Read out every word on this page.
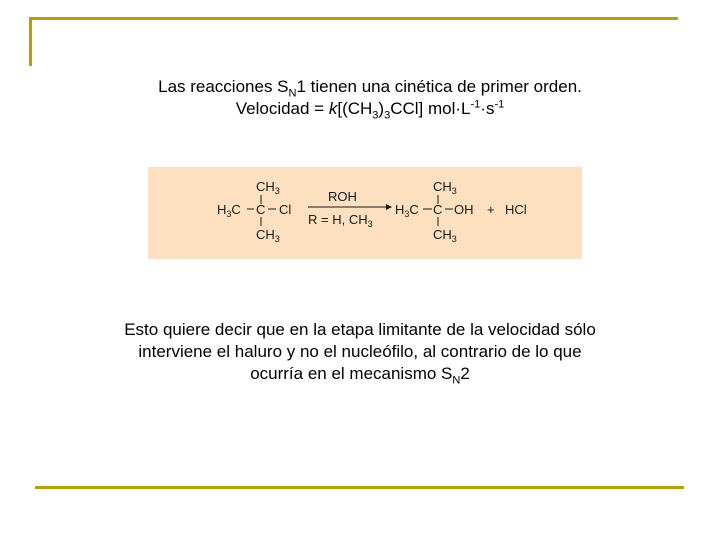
Las reacciones $S_N1$ tienen una cinética de primer orden.
Velocidad = $k[(CH_3)_3CCl]$ $mol\cdot L^{-1}\cdot s^{-1}$
$CH_3$
$H_3C$ C Cl
$CH_3$
ROH
R = H, $CH_3$
$CH_3$
$H_3C$ C OH
$CH_3$
+ HCl
Esto quiere decir que en la etapa limitante de la velocidad sólo
interviene el haluro y no el nucleófilo, al contrario de lo que
ocurría en el mecanismo $S_N2$
